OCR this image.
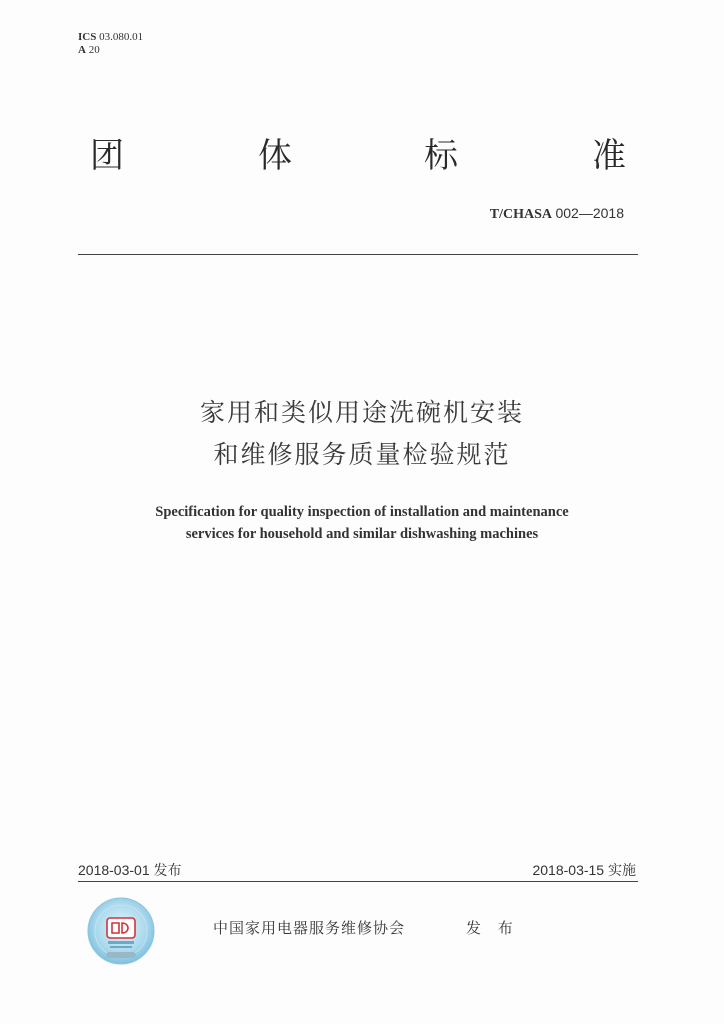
ICS 03.080.01
A 20
团	体	标	准
T/CHASA 002—2018
家用和类似用途洗碗机安装
和维修服务质量检验规范
Specification for quality inspection of installation and maintenance
services for household and similar dishwashing machines
2018-03-01 发布	2018-03-15 实施
中国家用电器服务维修协会	发 布
